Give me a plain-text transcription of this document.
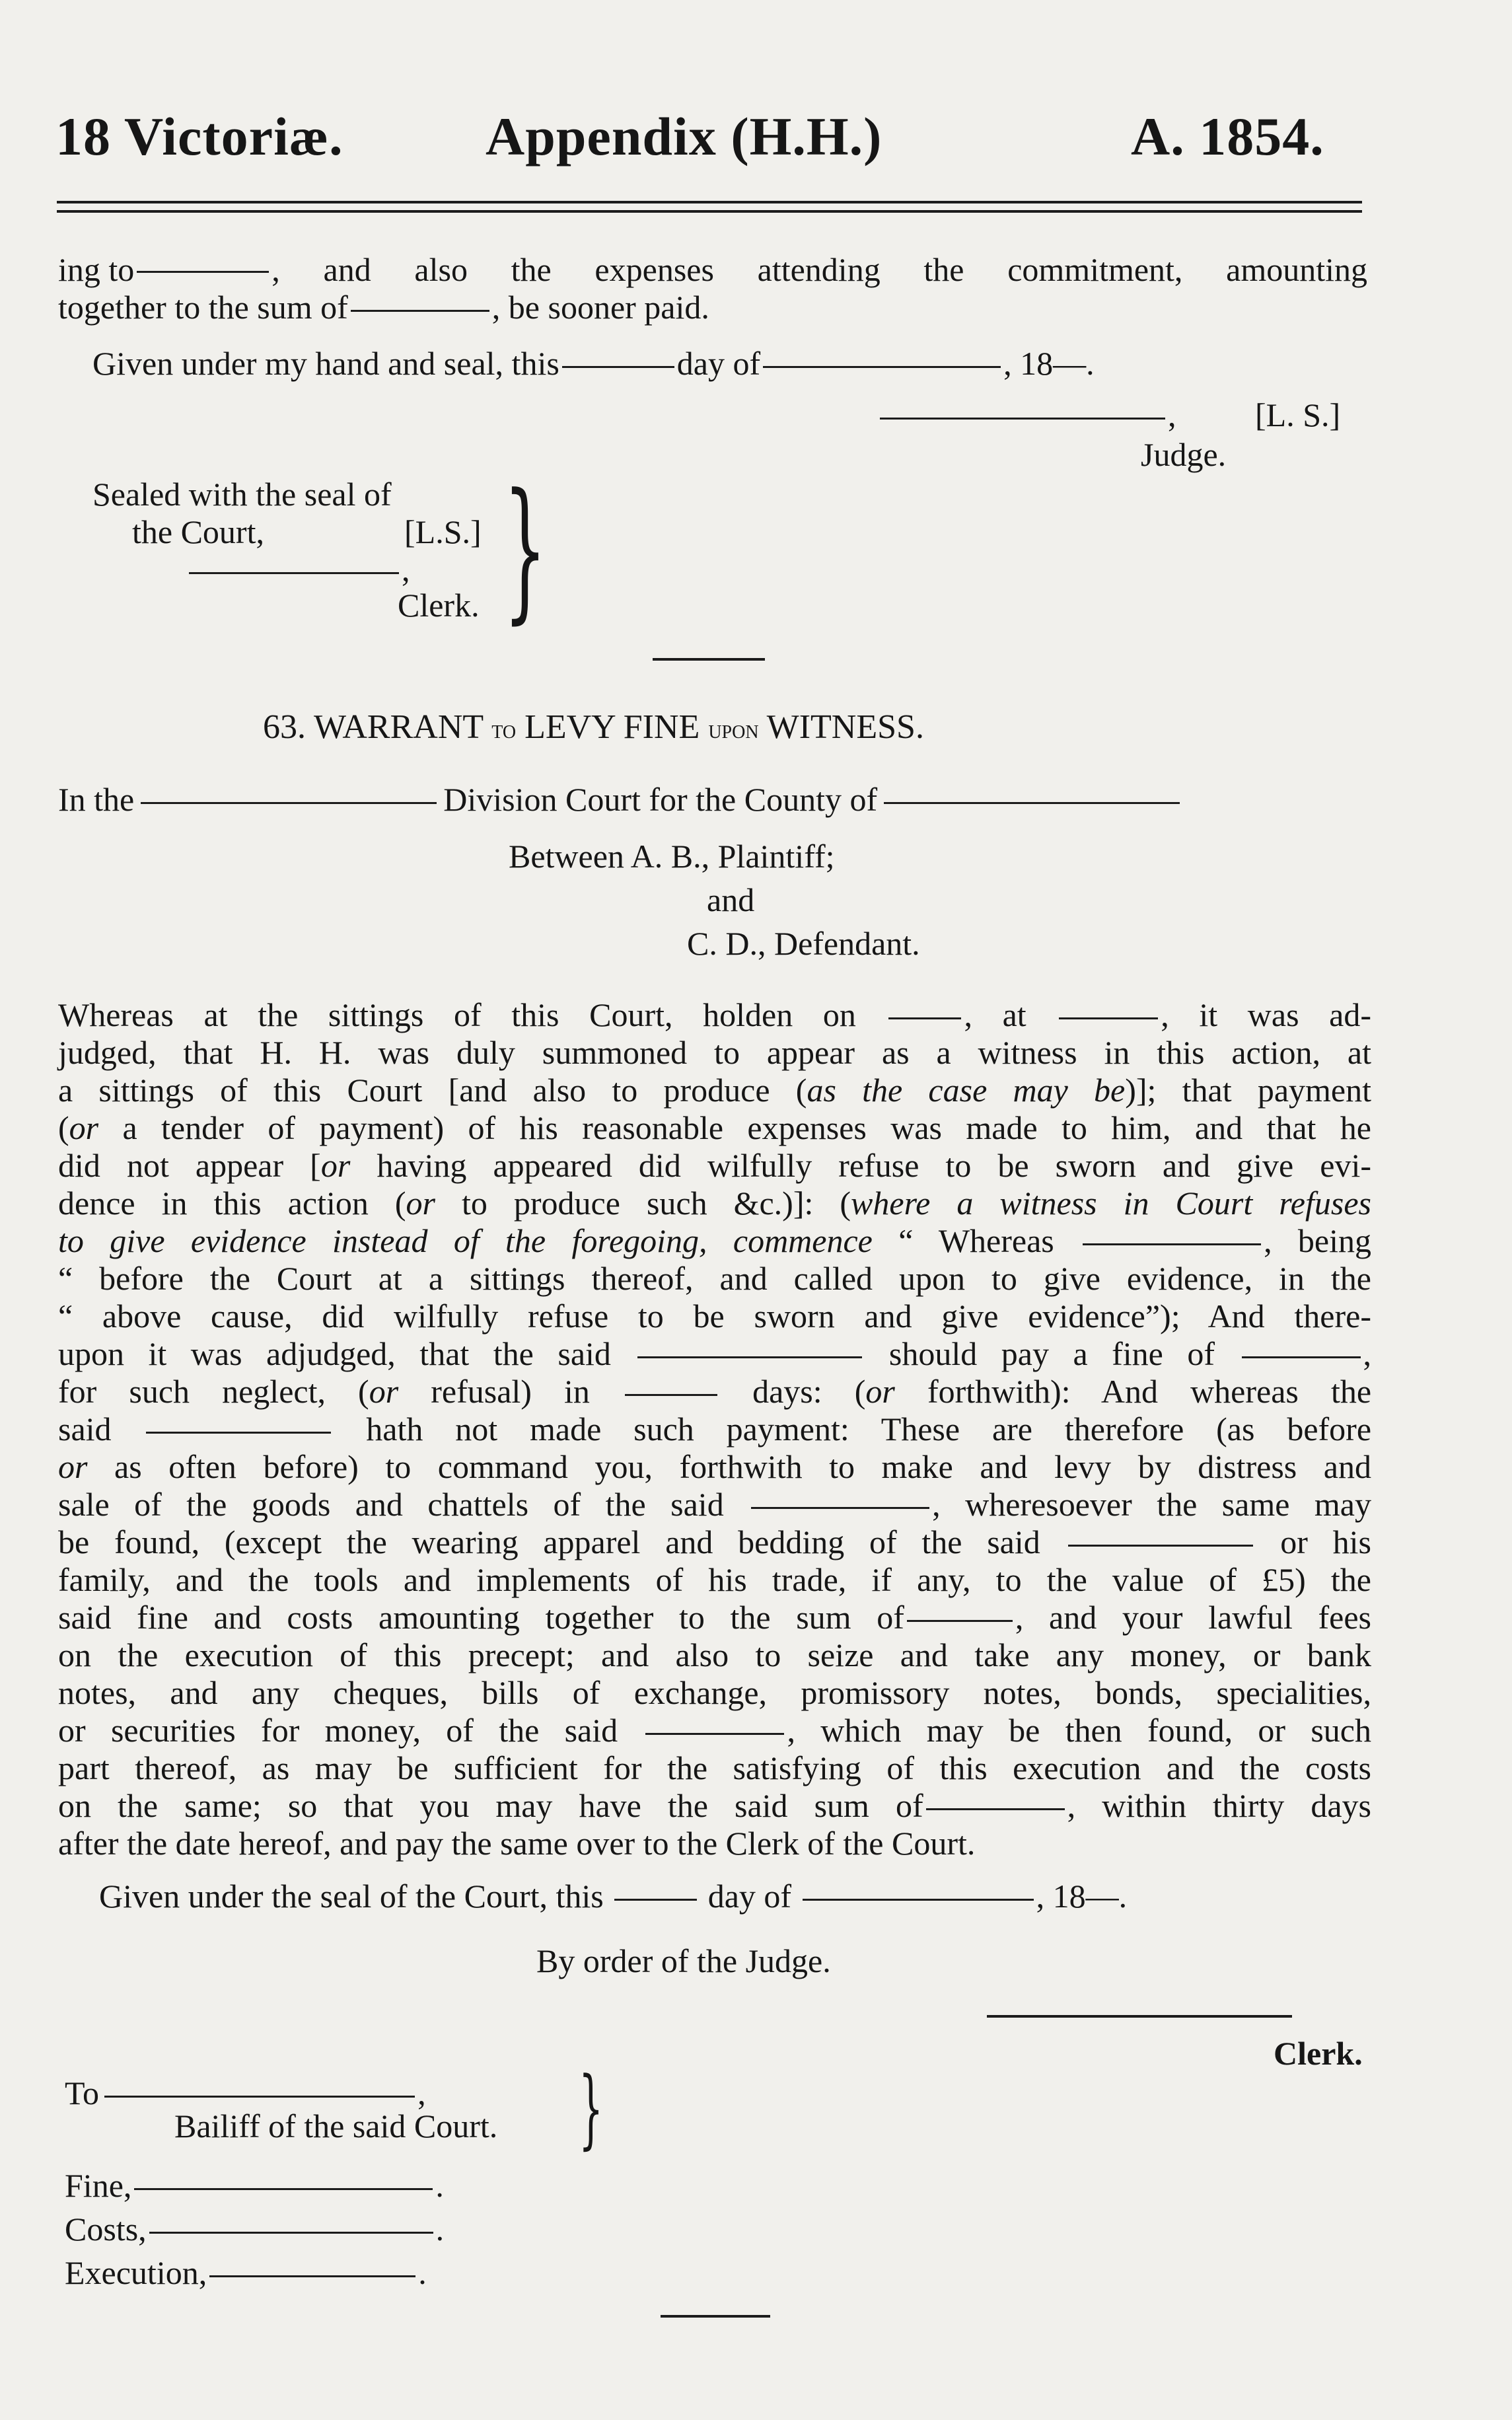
18 Victoriæ.	Appendix (H.H.)	A. 1854.
ing to	, and also the expenses attending the commitment, amounting
together to the sum of	, be sooner paid.
Given under my hand and seal, this	day of	, 18—.
, [L. S.]
Judge.
Sealed with the seal of
the Court,	[L.S.]
,
Clerk. }
63. WARRANT to LEVY FINE upon WITNESS.
In the	Division Court for the County of
Between A. B., Plaintiff;
and
C. D., Defendant.
Whereas at the sittings of this Court, holden on	, at	, it was ad-
judged, that H. H. was duly summoned to appear as a witness in this action, at
a sittings of this Court [and also to produce (as the case may be)]; that payment
(or a tender of payment) of his reasonable expenses was made to him, and that he
did not appear [or having appeared did wilfully refuse to be sworn and give evi-
dence in this action (or to produce such &c.)]: (where a witness in Court refuses
to give evidence instead of the foregoing, commence “ Whereas	, being
“ before the Court at a sittings thereof, and called upon to give evidence, in the
“ above cause, did wilfully refuse to be sworn and give evidence”); And there-
upon it was adjudged, that the said	should pay a fine of	,
for such neglect, (or refusal) in	days: (or forthwith): And whereas the
said	hath not made such payment: These are therefore (as before
or as often before) to command you, forthwith to make and levy by distress and
sale of the goods and chattels of the said	, wheresoever the same may
be found, (except the wearing apparel and bedding of the said	or his
family, and the tools and implements of his trade, if any, to the value of £5) the
said fine and costs amounting together to the sum of	, and your lawful fees
on the execution of this precept; and also to seize and take any money, or bank
notes, and any cheques, bills of exchange, promissory notes, bonds, specialities,
or securities for money, of the said	, which may be then found, or such
part thereof, as may be sufficient for the satisfying of this execution and the costs
on the same; so that you may have the said sum of	, within thirty days
after the date hereof, and pay the same over to the Clerk of the Court.
Given under the seal of the Court, this	day of	, 18—.
By order of the Judge.
Clerk.
To	,
Bailiff of the said Court. }
Fine,	.
Costs,	.
Execution,	.
